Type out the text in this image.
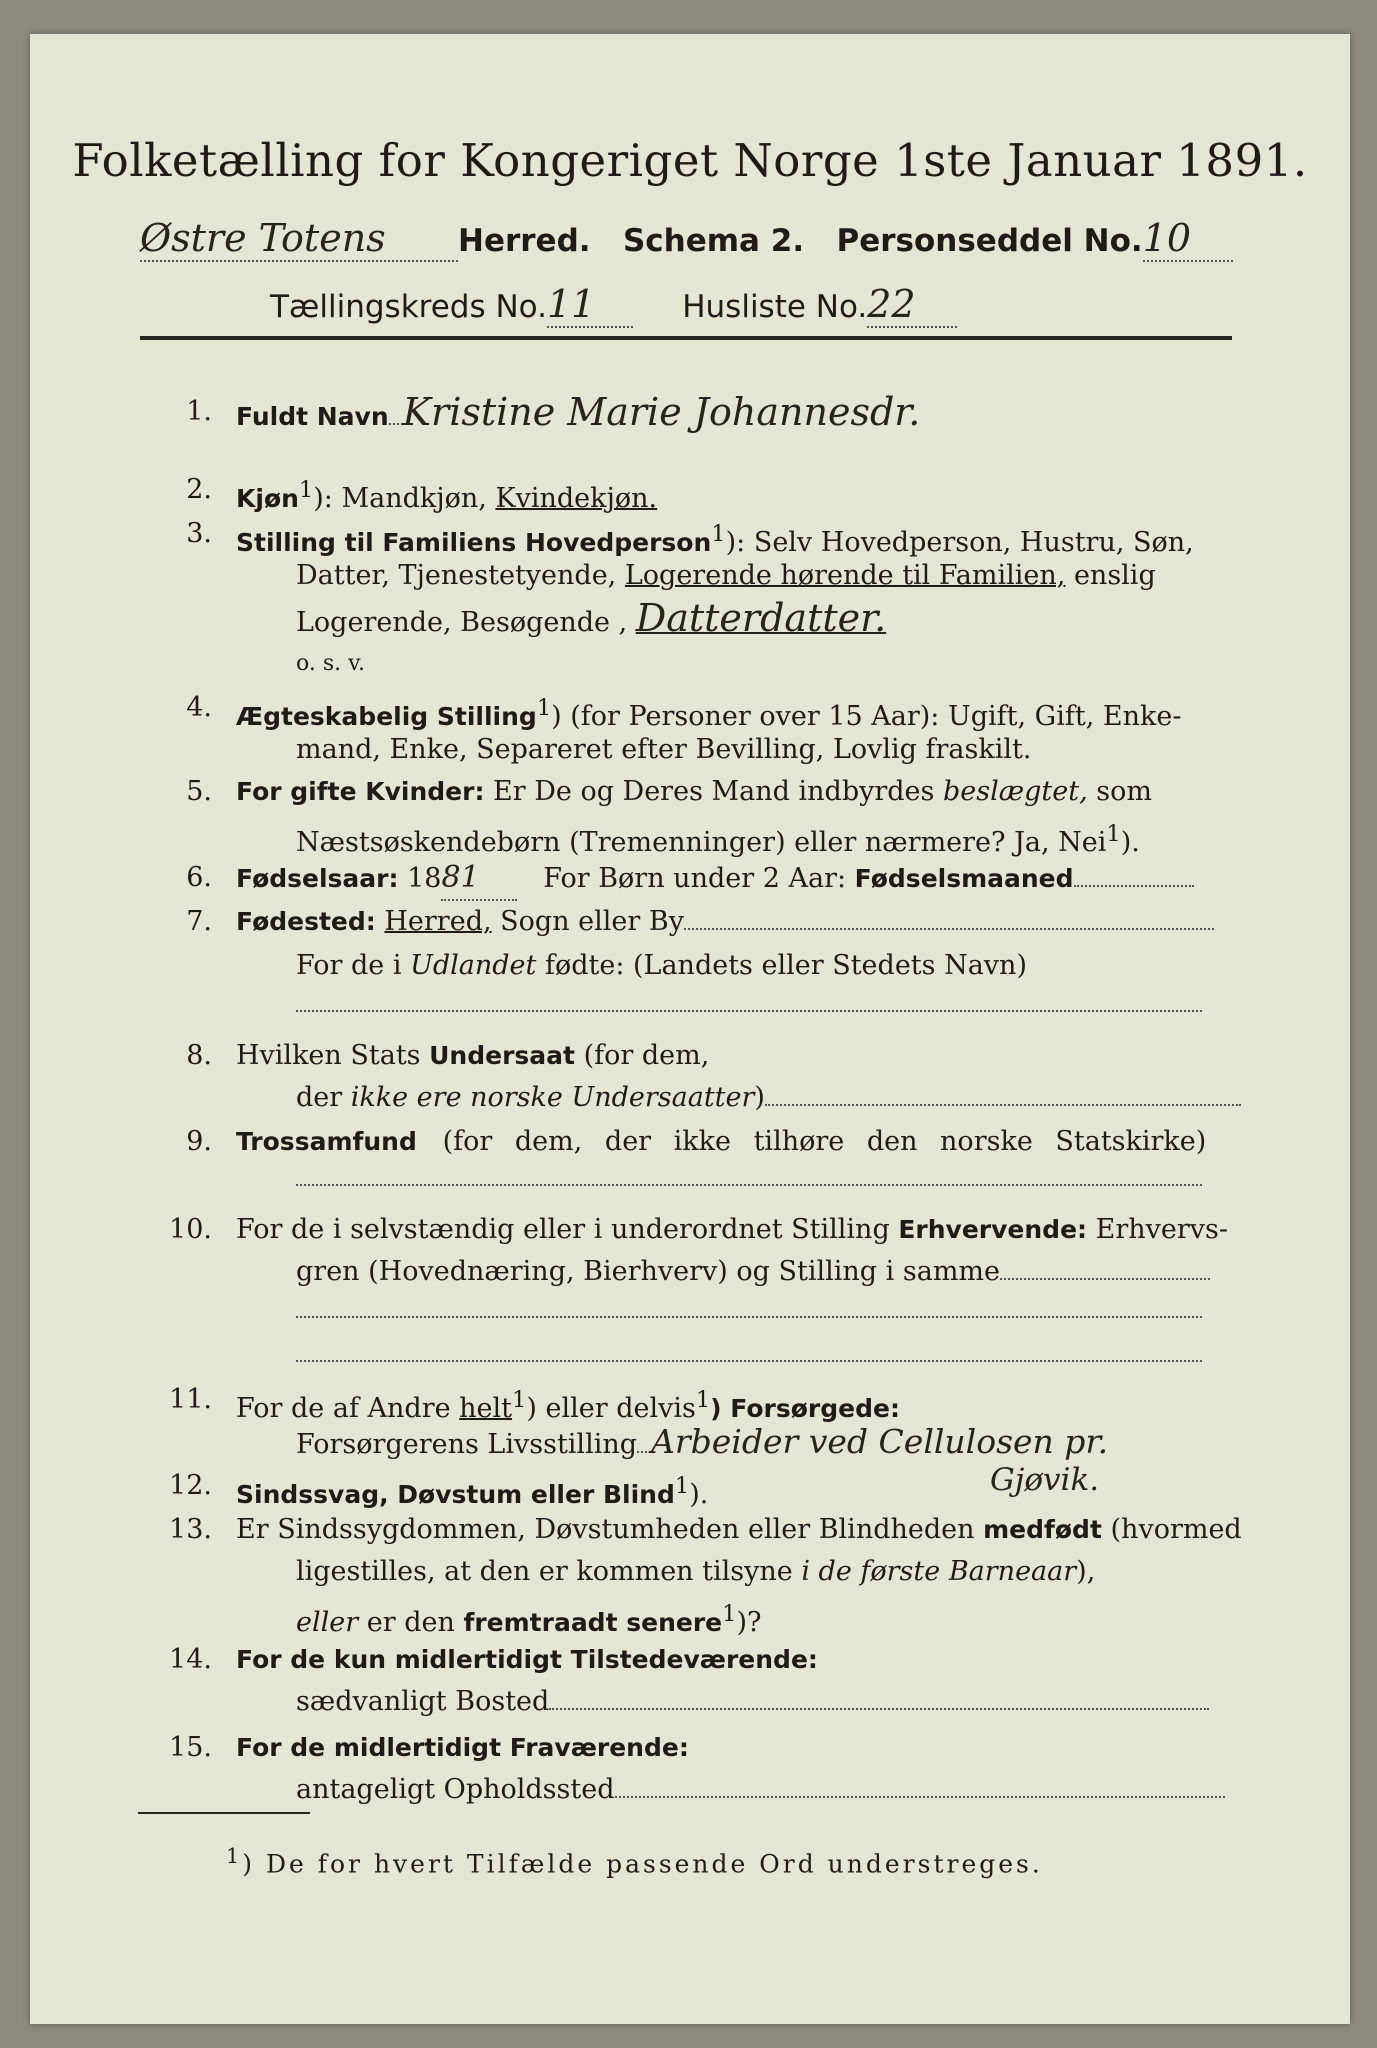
Folketælling for Kongeriget Norge 1ste Januar 1891.
Østre Totens Herred. Schema 2. Personseddel No.10
Tællingskreds No.11	Husliste No.22
1. Fuldt Navn Kristine Marie Johannesdr.
2. Kjøn$^1$): Mandkjøn, Kvindekjøn.
3. Stilling til Familiens Hovedperson$^1$): Selv Hovedperson, Hustru, Søn,
Datter, Tjenestetyende, Logerende hørende til Familien, enslig
Logerende, Besøgende , Datterdatter.
o. s. v.
4. Ægteskabelig Stilling$^1$) (for Personer over 15 Aar): Ugift, Gift, Enke-
mand, Enke, Separeret efter Bevilling, Lovlig fraskilt.
5. For gifte Kvinder: Er De og Deres Mand indbyrdes beslægtet, som
Næstsøskendebørn (Tremenninger) eller nærmere? Ja, Nei$^1$).
6. Fødselsaar: 1881 For Børn under 2 Aar: Fødselsmaaned
7. Fødested: Herred, Sogn eller By
For de i Udlandet fødte: (Landets eller Stedets Navn)
8. Hvilken Stats Undersaat (for dem,
der ikke ere norske Undersaatter)
9. Trossamfund (for dem, der ikke tilhøre den norske Statskirke)
10. For de i selvstændig eller i underordnet Stilling Erhvervende: Erhvervs-
gren (Hovednæring, Bierhverv) og Stilling i samme
11. For de af Andre helt$^1$) eller delvis$^1$) Forsørgede:
Forsørgerens Livsstilling Arbeider ved Cellulosen pr.
Gjøvik.
12. Sindssvag, Døvstum eller Blind$^1$).
13. Er Sindssygdommen, Døvstumheden eller Blindheden medfødt (hvormed
ligestilles, at den er kommen tilsyne i de første Barneaar),
eller er den fremtraadt senere$^1$)?
14. For de kun midlertidigt Tilstedeværende:
sædvanligt Bosted
15. For de midlertidigt Fraværende:
antageligt Opholdssted
$^1$) De for hvert Tilfælde passende Ord understreges.
